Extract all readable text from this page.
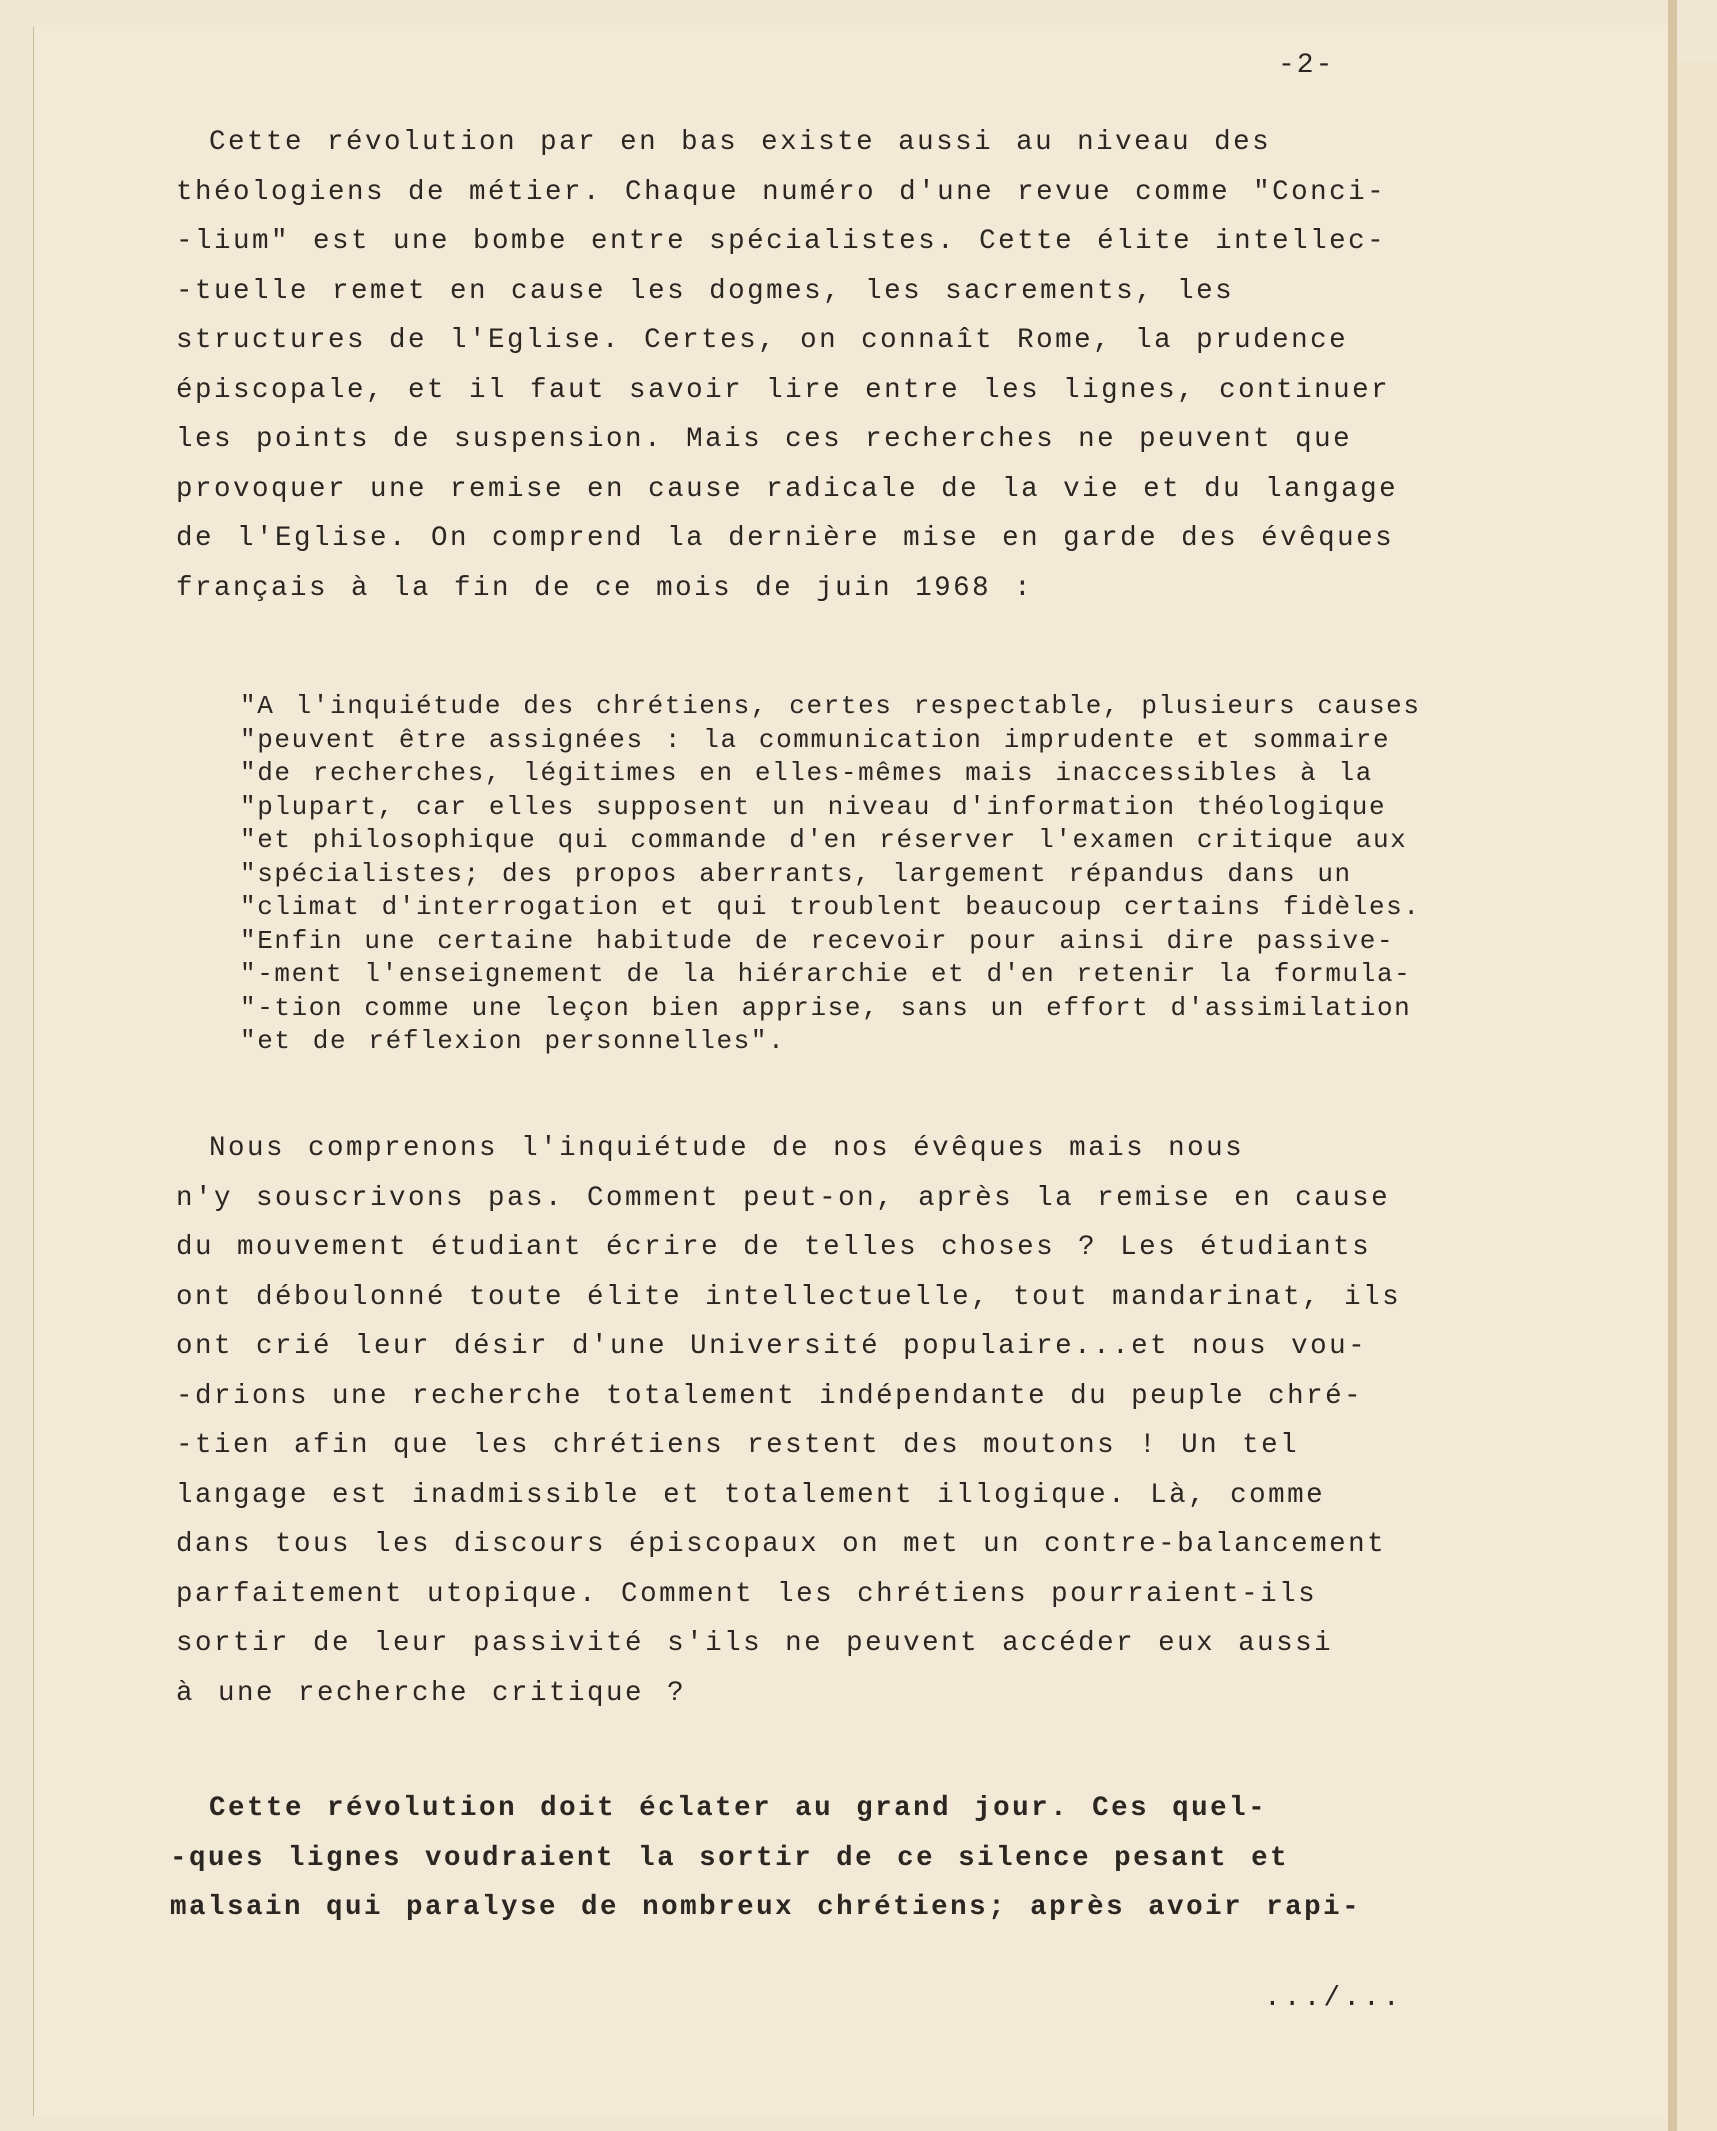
-2-

Cette révolution par en bas existe aussi au niveau des

théologiens de métier. Chaque numéro d'une revue comme "Conci-

-lium" est une bombe entre spécialistes. Cette élite intellec-

-tuelle remet en cause les dogmes, les sacrements, les

structures de l'Eglise. Certes, on connaît Rome, la prudence

épiscopale, et il faut savoir lire entre les lignes, continuer

les points de suspension. Mais ces recherches ne peuvent que

provoquer une remise en cause radicale de la vie et du langage

de l'Eglise. On comprend la dernière mise en garde des évêques

français à la fin de ce mois de juin 1968 :

"A l'inquiétude des chrétiens, certes respectable, plusieurs causes

"peuvent être assignées : la communication imprudente et sommaire

"de recherches, légitimes en elles-mêmes mais inaccessibles à la

"plupart, car elles supposent un niveau d'information théologique

"et philosophique qui commande d'en réserver l'examen critique aux

"spécialistes; des propos aberrants, largement répandus dans un

"climat d'interrogation et qui troublent beaucoup certains fidèles.

"Enfin une certaine habitude de recevoir pour ainsi dire passive-

"-ment l'enseignement de la hiérarchie et d'en retenir la formula-

"-tion comme une leçon bien apprise, sans un effort d'assimilation

"et de réflexion personnelles".

Nous comprenons l'inquiétude de nos évêques mais nous

n'y souscrivons pas. Comment peut-on, après la remise en cause

du mouvement étudiant écrire de telles choses ? Les étudiants

ont déboulonné toute élite intellectuelle, tout mandarinat, ils

ont crié leur désir d'une Université populaire...et nous vou-

-drions une recherche totalement indépendante du peuple chré-

-tien afin que les chrétiens restent des moutons ! Un tel

langage est inadmissible et totalement illogique. Là, comme

dans tous les discours épiscopaux on met un contre-balancement

parfaitement utopique. Comment les chrétiens pourraient-ils

sortir de leur passivité s'ils ne peuvent accéder eux aussi

à une recherche critique ?

Cette révolution doit éclater au grand jour. Ces quel-

-ques lignes voudraient la sortir de ce silence pesant et

malsain qui paralyse de nombreux chrétiens; après avoir rapi-

.../...
